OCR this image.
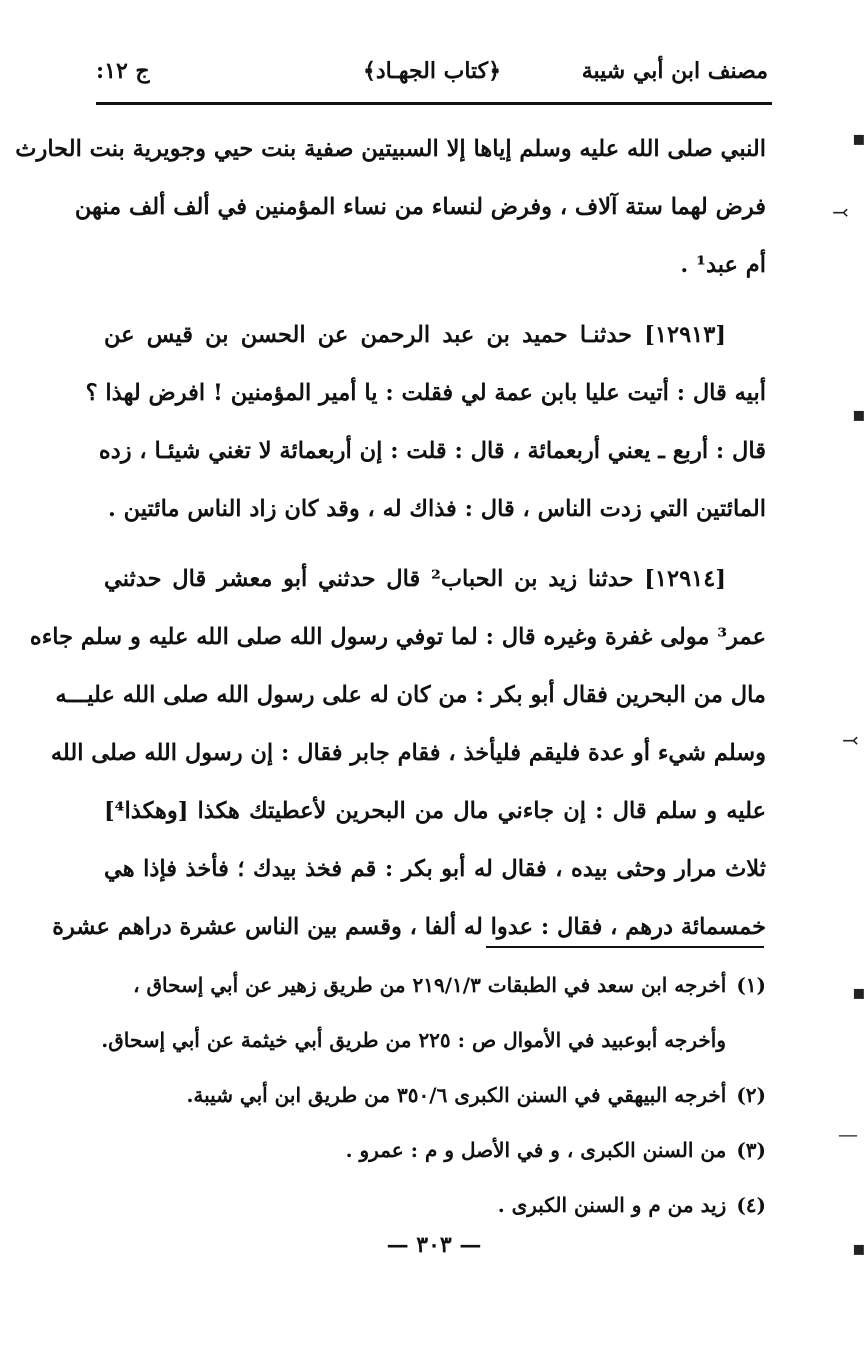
مصنف ابن أبي شيبة
﴿كتاب الجهـاد﴾
ج ١٢:
النبي صلى الله عليه وسلم إياها إلا السبيتين صفية بنت حيي وجويرية بنت الحارث
فرض لهما ستة آلاف ، وفرض لنساء من نساء المؤمنين في ألف ألف منهن
أم عبد¹ .
[١٢٩١٣] حدثنـا حميد بن عبد الرحمن عن الحسن بن قيس عن
أبيه قال : أتيت عليا بابن عمة لي فقلت : يا أمير المؤمنين ! افرض لهذا ؟
قال : أربع ـ يعني أربعمائة ، قال : قلت : إن أربعمائة لا تغني شيئـا ، زده
المائتين التي زدت الناس ، قال : فذاك له ، وقد كان زاد الناس مائتين .
[١٢٩١٤] حدثنا زيد بن الحباب² قال حدثني أبو معشر قال حدثني
عمر³ مولى غفرة وغيره قال : لما توفي رسول الله صلى الله عليه و سلم جاءه
مال من البحرين فقال أبو بكر : من كان له على رسول الله صلى الله عليـــه
وسلم شيء أو عدة فليقم فليأخذ ، فقام جابر فقال : إن رسول الله صلى الله
عليه و سلم قال : إن جاءني مال من البحرين لأعطيتك هكذا [وهكذا⁴]
ثلاث مرار وحثى بيده ، فقال له أبو بكر : قم فخذ بيدك ؛ فأخذ فإذا هي
خمسمائة درهم ، فقال : عدوا له ألفا ، وقسم بين الناس عشرة دراهم عشرة
(١)أخرجه ابن سعد في الطبقات ٢١٩/١/٣ من طريق زهير عن أبي إسحاق ،
وأخرجه أبوعبيد في الأموال ص : ٢٢٥ من طريق أبي خيثمة عن أبي إسحاق.
(٢)أخرجه البيهقي في السنن الكبرى ٣٥٠/٦ من طريق ابن أبي شيبة.
(٣)من السنن الكبرى ، و في الأصل و م : عمرو .
(٤)زيد من م و السنن الكبرى .
— ٣٠٣ —
▪
⤙
▪
⤙
▪
—
▪
